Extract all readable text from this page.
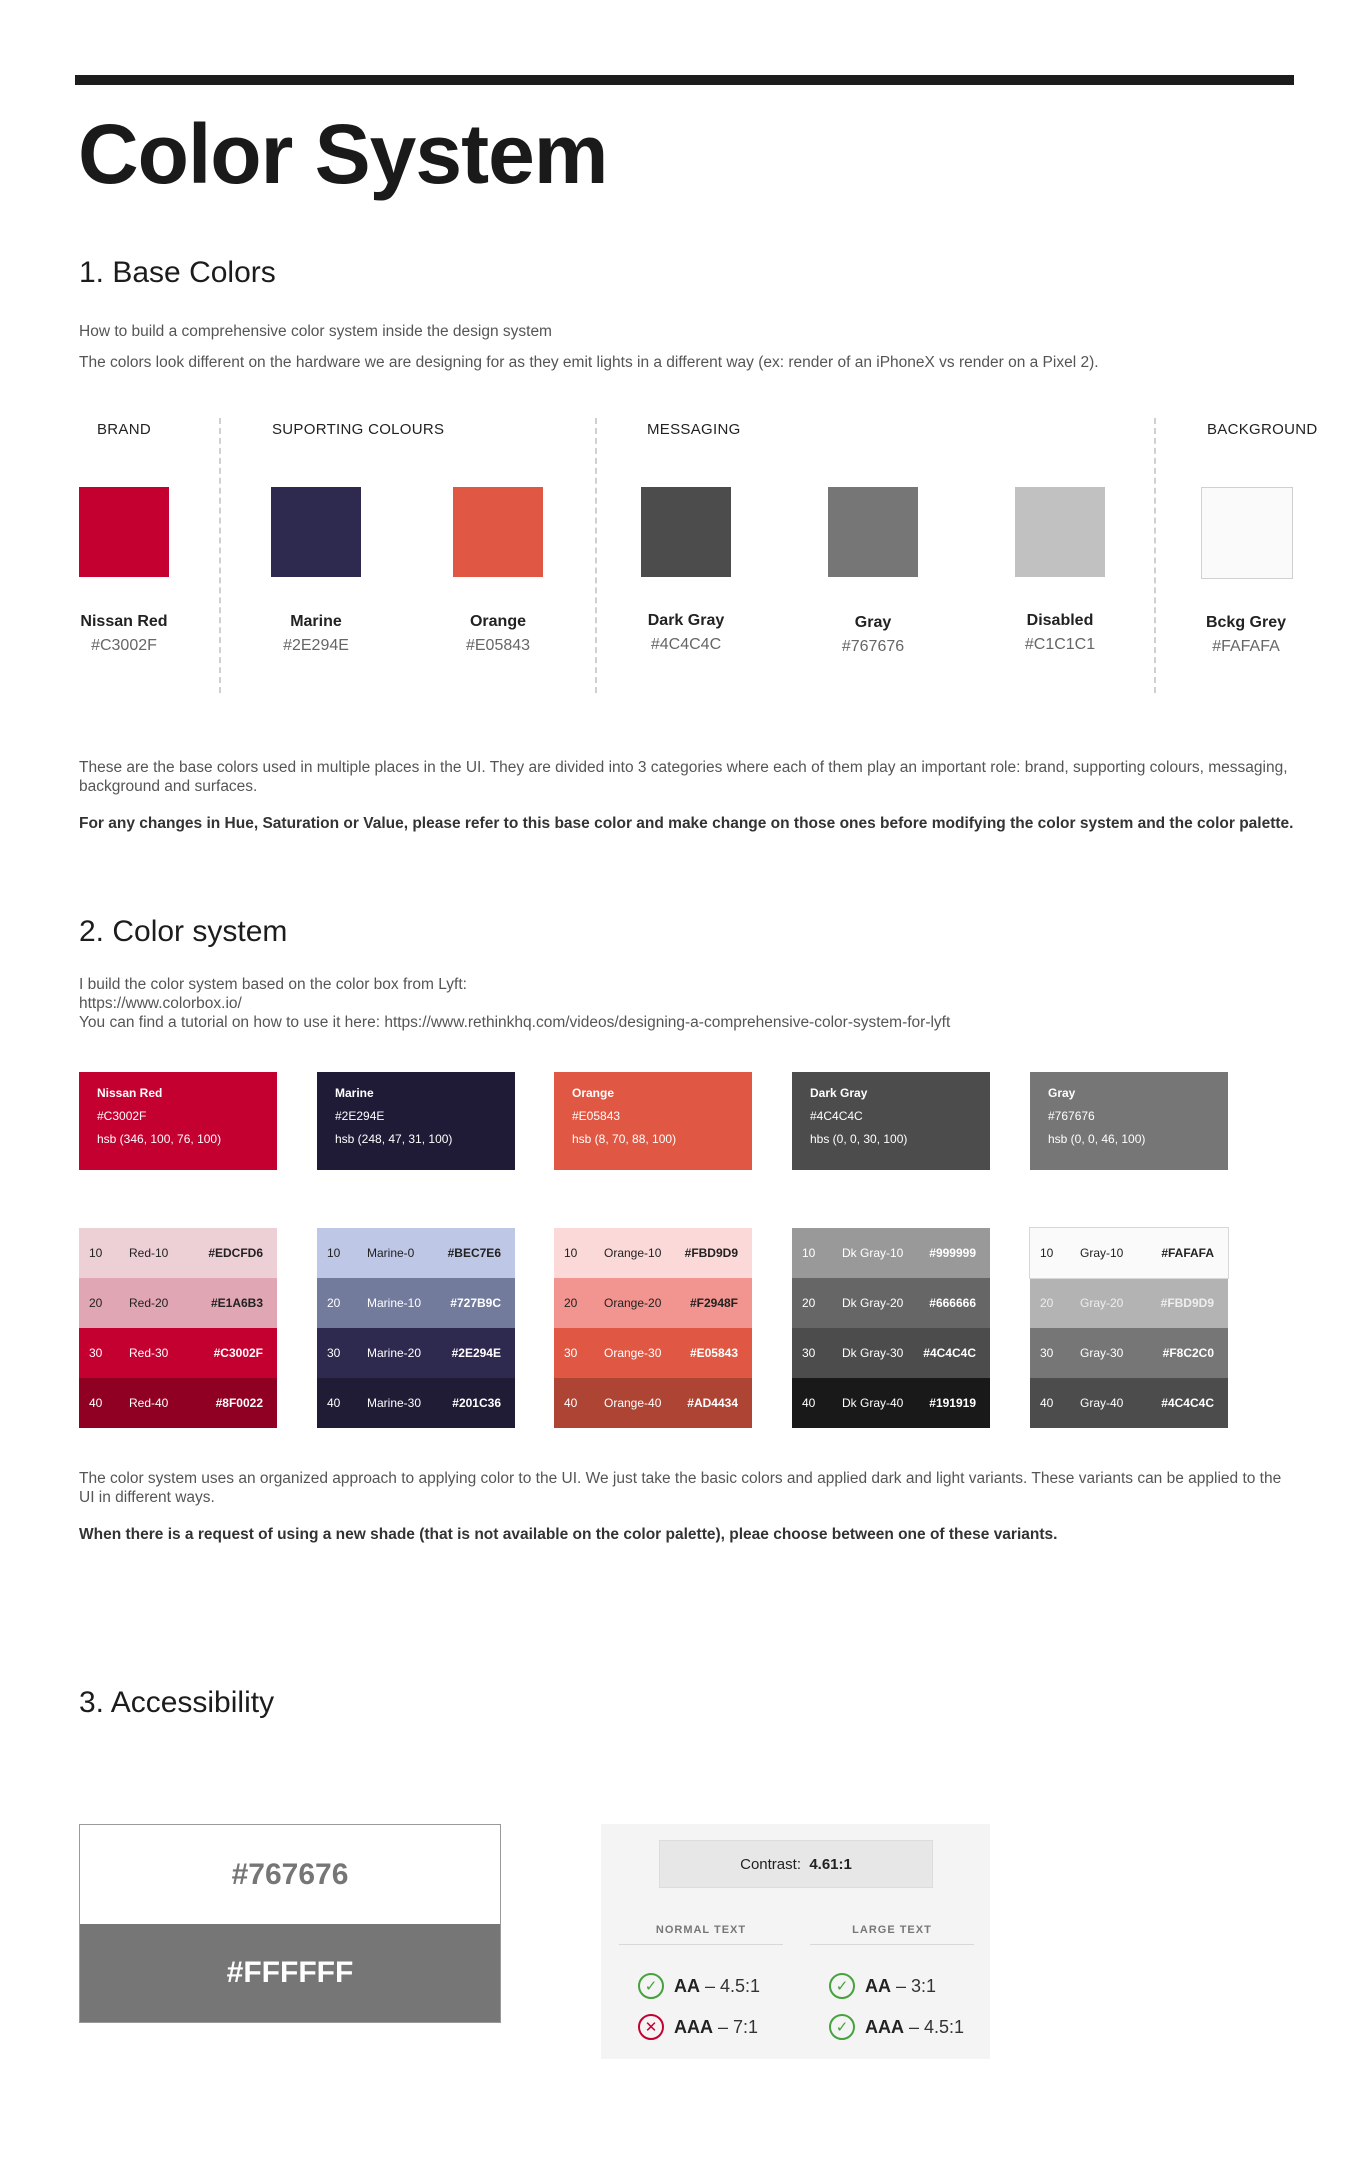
Color System
1. Base Colors

How to build a comprehensive color system inside the design system

The colors look different on the hardware we are designing for as they emit lights in a different way (ex: render of an iPhoneX vs render on a Pixel 2).

BRAND	SUPORTING COLOURS	MESSAGING	BACKGROUND
Nissan Red
#C3002F
Marine
#2E294E
Orange
#E05843
Dark Gray
#4C4C4C
Gray
#767676
Disabled
#C1C1C1
Bckg Grey
#FAFAFA

These are the base colors used in multiple places in the UI. They are divided into 3 categories where each of them play an important role: brand, supporting colours, messaging, background and surfaces.

For any changes in Hue, Saturation or Value, please refer to this base color and make change on those ones before modifying the color system and the color palette.

2. Color system

I build the color system based on the color box from Lyft:

https://www.colorbox.io/

You can find a tutorial on how to use it here: https://www.rethinkhq.com/videos/designing-a-comprehensive-color-system-for-lyft

Nissan Red
#C3002F
hsb (346, 100, 76, 100)
Marine
#2E294E
hsb (248, 47, 31, 100)
Orange
#E05843
hsb (8, 70, 88, 100)
Dark Gray
#4C4C4C
hbs (0, 0, 30, 100)
Gray
#767676
hsb (0, 0, 46, 100)
10	Red-10	#EDCFD6
20	Red-20	#E1A6B3
30	Red-30	#C3002F
40	Red-40	#8F0022
10	Marine-0	#BEC7E6
20	Marine-10	#727B9C
30	Marine-20	#2E294E
40	Marine-30	#201C36
10	Orange-10	#FBD9D9
20	Orange-20	#F2948F
30	Orange-30	#E05843
40	Orange-40	#AD4434
10	Dk Gray-10	#999999
20	Dk Gray-20	#666666
30	Dk Gray-30	#4C4C4C
40	Dk Gray-40	#191919
10	Gray-10	#FAFAFA
20	Gray-20	#FBD9D9
30	Gray-30	#F8C2C0
40	Gray-40	#4C4C4C

The color system uses an organized approach to applying color to the UI. We just take the basic colors and applied dark and light variants. These variants can be applied to the UI in different ways.

When there is a request of using a new shade (that is not available on the color palette), pleae choose between one of these variants.

3. Accessibility
#767676
#FFFFFF
Contrast:
4.61:1
NORMAL TEXT	LARGE TEXT
✓ AA – 4.5:1
✕ AAA – 7:1
✓ AA – 3:1
✓ AAA – 4.5:1
